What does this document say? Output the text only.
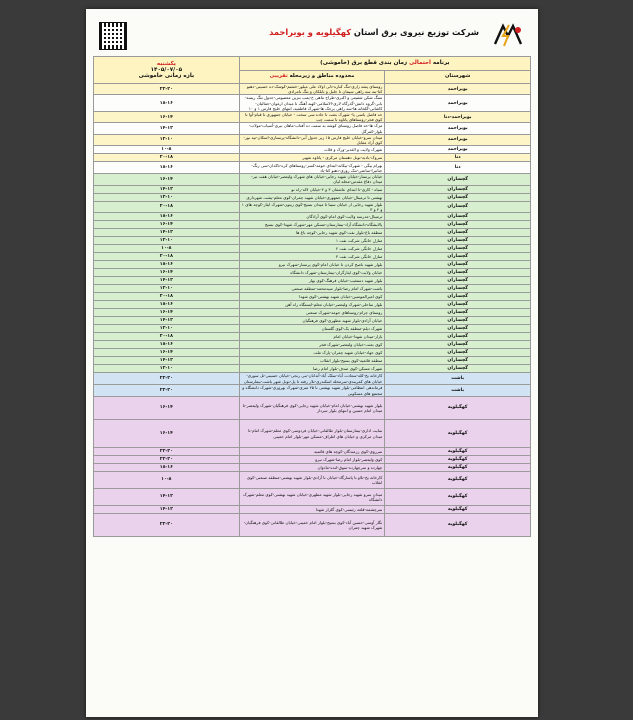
شرکت توزیع نیروی برق استان کهگیلویه و بویراحمد
برنامه احتمالی زمان بندی قطع برق (خاموشی)		یکشنبه
۱۴۰۵/۰۷/۰۵
بازه زمانی خاموشی

شهرستان	محدوده مناطق و زیرمحله تقریبی	
بویراحمد	روستای پشه زاری-تنگ کناره-دلی اولاد علی میلور-خشتم-کوشک-ده حسینی-دهنو کتا-بنه سه راهی سیمان تا جلیل و تابلکان و تنگ تامرادی	۲۲-۲۰
بویراحمد	سنگ شکن شفیعی و اکبری-طراح ماهی خ-پمپ بنزین معصومی-جدول تنگ ریسه-بابی-گروه دانش-گذرگاه لاری-الاسلامی-کهنه آهنگ تا میدان ارغوان-جمالیان-کاشانی-گلخانه ها-سه راهی برجک ها-شهرک فاطمیه، انتهای خلیج فارس ۱ و ۱۰	۱۸-۱۶
بویراحمد-دنا	حد فاصل یاسی پا- شهرک بعثت تا جاده سی سخت - خیابان جمهوری تا قیام-آوا تا کوی فجر-روستاهای پاتاوه تا سمت چپ	۱۶-۱۴
بویراحمد	مزک ها-حد فاصل روستای کوشه به سمت ده آفتاب-ماهان ببری-آسیاب-مولاب-بلوار-کمرگل	۱۴-۱۲
بویراحمد	میدان سرو-خیابان خلیج فارس ۱۵ زیر جدول آبی-دانشگاه-پرستاری-اسکان-تپه نور-کوی آزاد مقابل	۱۲-۱۰
بویراحمد	شهرک ولایت و الغدیر-ورک و قلات	۱۰-۸
دنا	سروک-بادیه-تونل دهستان مرکزی - پاتاوه شهیر	۲۰-۱۸
دنا	بهرام بیگی - شهرک-بیکانه-ابتدای حومه-کسر-روستاهای کره-تاکدان-سی رنگ-جنانبرا-ساعتی-تنک روزی-دهنو کتا-یاد	۱۸-۱۶
گچساران	خیابان پرستار-خیابان شهید رجایی-خیابان های شهرک ولیعصر-خیابان هفت تیر-میدان دفاع مقدس-محله لیان	۱۶-۱۴
گچساران	سیاه - کاری-تا ابتدای عاشقان ۳ و ۲-خیابان لاله-راه نو	۱۴-۱۲
گچساران	بهشتی تا ترمینال-خیابان جمهوری-خیابان شهید چمران-کوی معلم-پشت شهرداری	۱۲-۱۰
گچساران	بلوار شهید رجایی از خیابان سینا تا میدان بسیج-کوی زیتون-شهرک ایثار-کوچه های ۱ و ۲ و ۳	۲۰-۱۸
گچساران	ترمینال-مدرسه ولایت-کوی امام-کوی آزادگان	۱۸-۱۶
گچساران	پالایشگاه-دانشگاه آزاد-بیمارستان-مسکن مهر-شهرک شهدا-کوی بسیج	۱۶-۱۴
گچساران	منطقه باغ-بلوار نفت-کوی شهید رجایی-کوچه باغ ها	۱۴-۱۲
گچساران	منازل خانگی شرکت نفت ۱	۱۲-۱۰
گچساران	منازل خانگی شرکت نفت ۲	۱۰-۸
گچساران	منازل خانگی شرکت نفت ۳	۲۰-۱۸
گچساران	بلوار شهید ناصح کردن تا خیابان امام-کوی پرستار-شهرک نیرو	۱۸-۱۶
گچساران	خیابان ولایت-کوی ایثارگران-بیمارستان-شهرک دانشگاه	۱۶-۱۴
گچساران	بلوار شهید دستغیب-خیابان فرهنگ-کوی بهار	۱۴-۱۲
گچساران	باشت-شهرک امام رضا-بلوار سیدمحمد-منطقه صنعتی	۱۲-۱۰
گچساران	کوی امیرالمومنین-خیابان شهید بهشتی-کوی شهدا	۲۰-۱۸
گچساران	بلوار ساحلی-شهرک ولیعصر-خیابان معلم-ایستگاه راه آهن	۱۸-۱۶
گچساران	روستای چرام-روستاهای حومه-شهرک صنعتی	۱۶-۱۴
گچساران	خیابان آزادی-بلوار شهید مطهری-کوی فرهنگیان	۱۴-۱۲
گچساران	شهرک دیلم-منطقه یک-کوی گلستان	۱۲-۱۰
گچساران	بازار-میدان شهدا-خیابان امام	۲۰-۱۸
گچساران	کوی بعثت-خیابان ولیعصر-شهرک فجر	۱۸-۱۶
گچساران	کوی جهاد-خیابان شهید چمران-پارک ملت	۱۶-۱۴
گچساران	منطقه قائمیه-کوی بسیج-بلوار انقلاب	۱۴-۱۲
گچساران	شهرک مسکن-کوی صدف-بلوار امام رضا	۱۲-۱۰
باشت	کارخانه یخ-کله-سعادت آباد-سلک آباد-آبدانان-بنی رنجی-خیابان حسینی-تل سوری-خیابان های کمربندی-سرمحله اسکندری-تلار رفته تا پل-تونل شهر باشت-بیمارستان	۲۲-۲۰
باشت	فرماندهی انتظامی-بلوار شهید بهشتی تا ۲۵ متری-شهرک بهروزی-شهرک دانشگاه و مجتمع های مسکونی	۲۲-۲۰
کهگیلویه	بلوار شهید بهشتی-خیابان امام-خیابان شهید رجایی-کوی فرهنگیان-شهرک ولیعصر-تا میدان امام حسین و انتهای بلوار سردار	۱۶-۱۴
کهگیلویه	سایت اداری-بیمارستان-بلوار طالقانی-خیابان فردوسی-کوی معلم-شهرک امام-تا میدان مرکزی و خیابان های اطراف-مسکن مهر-بلوار امام خمینی	۱۶-۱۴
کهگیلویه	سرروی-کوی رزمندگان-کوچه های قائمیه	۲۲-۲۰
کهگیلویه	کوی ولیعصر-بلوار امام رضا-شهرک نیرو	۲۲-۲۰
کهگیلویه	چهارده و سرچهارده-سوق-لنده-مادوان	۱۸-۱۶
کهگیلویه	کارخانه یخ-تلاو تا پاسارگاد-خیابان تا آزادی-بلوار شهید بهشتی-منطقه صنعتی-کوی انقلاب	۱۰-۸
کهگیلویه	میدان سرو شهید رجایی-بلوار شهید مطهری-خیابان شهید بهشتی-کوی معلم-شهرک دانشگاه	۱۴-۱۲
کهگیلویه	سرچشمه-قلعه رئیسی-کوی گلزار شهدا	۱۴-۱۲
کهگیلویه	نگار آوسی-حسین آباد-کوی بسیج-بلوار امام خمینی-خیابان طالقانی-کوی فرهنگیان-شهرک شهید چمران	۲۲-۲۰
